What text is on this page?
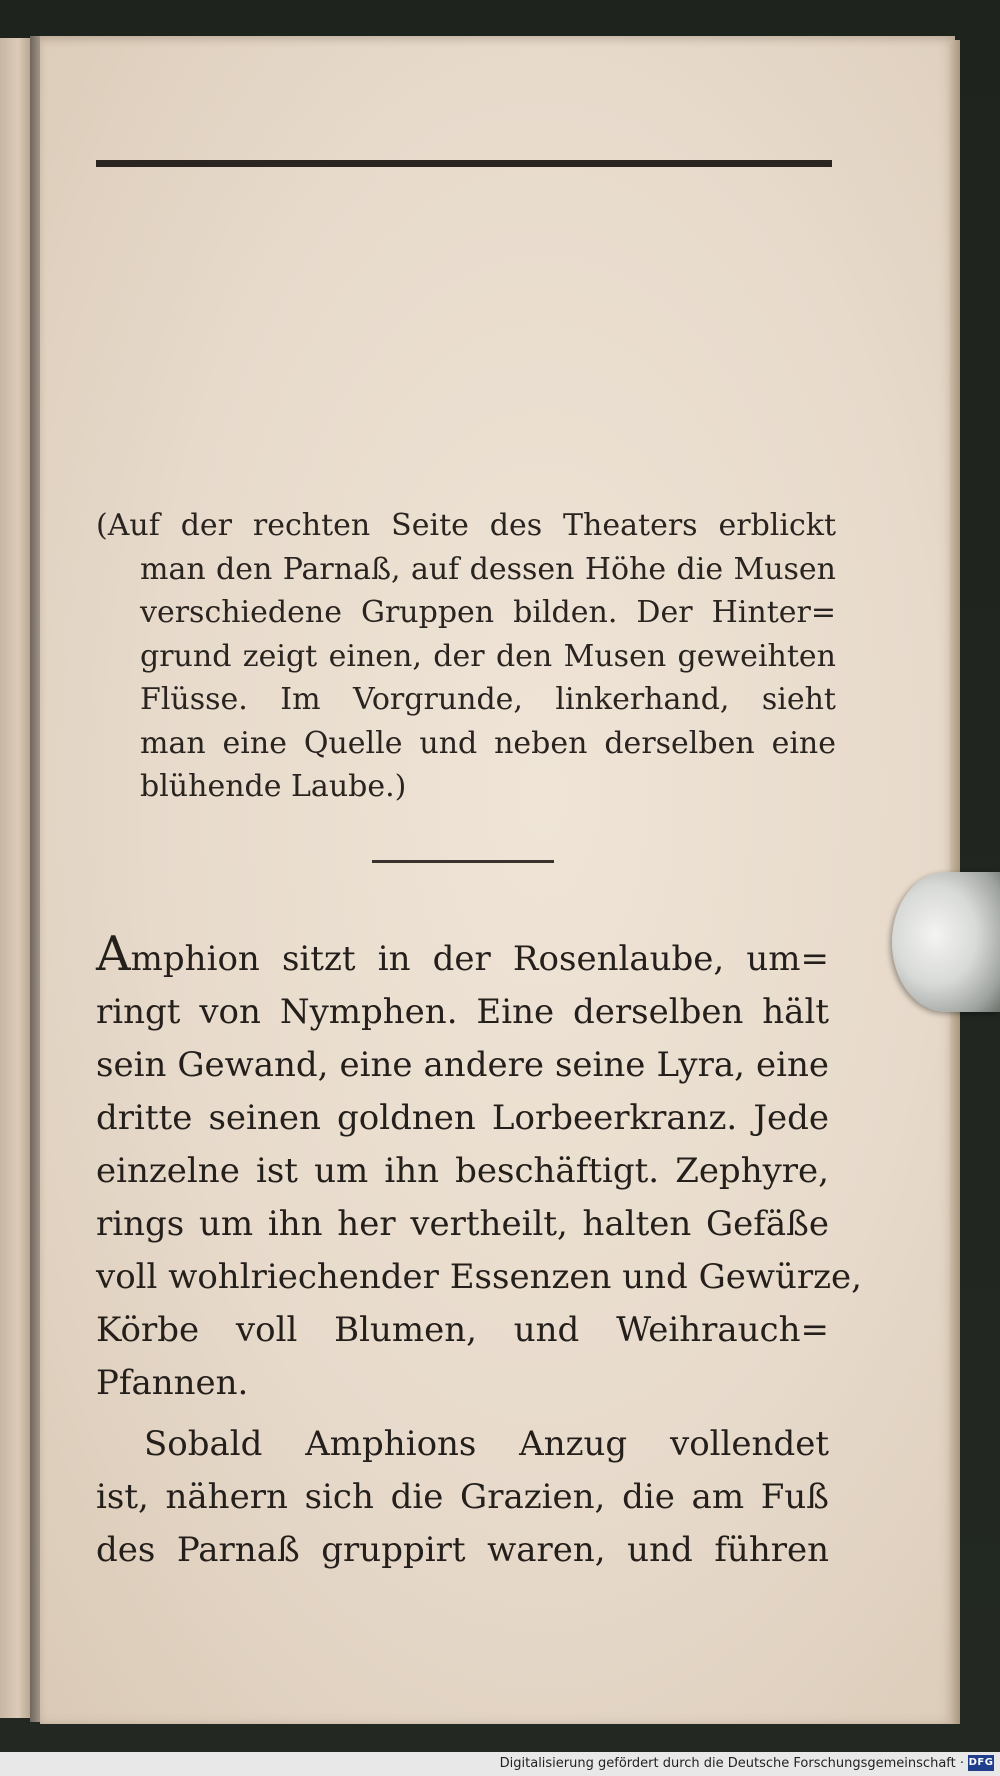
(Auf der rechten Seite des Theaters erblickt
man den Parnaß, auf dessen Höhe die Musen
verschiedene Gruppen bilden. Der Hinter=
grund zeigt einen, der den Musen geweihten
Flüsse. Im Vorgrunde, linkerhand, sieht
man eine Quelle und neben derselben eine
blühende Laube.)
Amphion sitzt in der Rosenlaube, um=
ringt von Nymphen. Eine derselben hält
sein Gewand, eine andere seine Lyra, eine
dritte seinen goldnen Lorbeerkranz. Jede
einzelne ist um ihn beschäftigt. Zephyre,
rings um ihn her vertheilt, halten Gefäße
voll wohlriechender Essenzen und Gewürze,
Körbe voll Blumen, und Weihrauch=
Pfannen.
Sobald Amphions Anzug vollendet
ist, nähern sich die Grazien, die am Fuß
des Parnaß gruppirt waren, und führen
Digitalisierung gefördert durch die Deutsche Forschungsgemeinschaft · DFG
